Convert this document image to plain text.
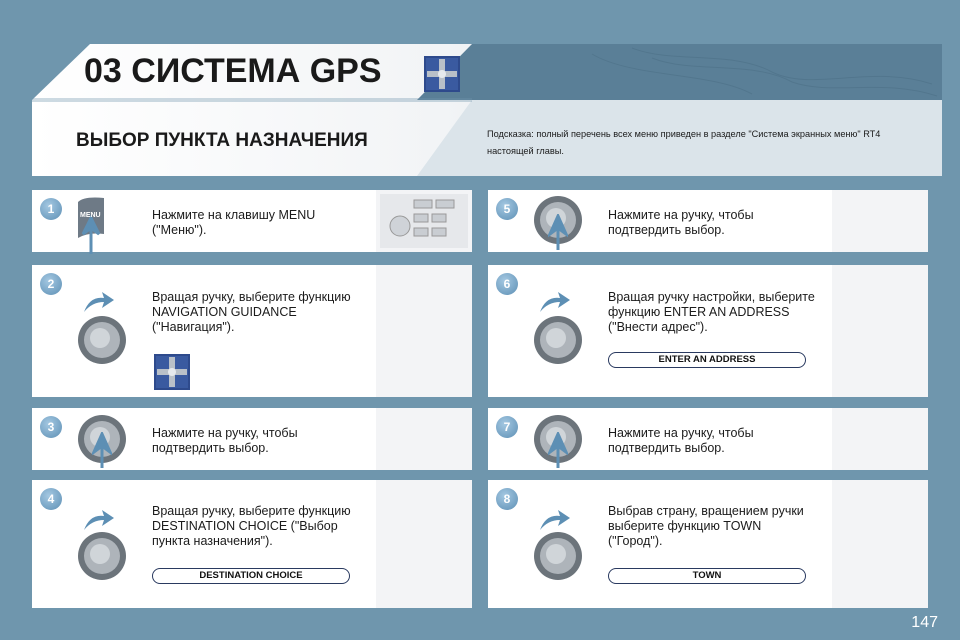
03 СИСТЕМА GPS
ВЫБОР ПУНКТА НАЗНАЧЕНИЯ	Подсказка: полный перечень всех меню приведен в разделе "Система экранных меню" RT4 настоящей главы.
1	MENU	Нажмите на клавишу MENU ("Меню").
2
Вращая ручку, выберите функцию NAVIGATION GUIDANCE ("Навигация").
3	Нажмите на ручку, чтобы подтвердить выбор.
4
Вращая ручку, выберите функцию DESTINATION CHOICE ("Выбор пункта назначения").
DESTINATION CHOICE
5	Нажмите на ручку, чтобы подтвердить выбор.
6
Вращая ручку настройки, выберите функцию ENTER AN ADDRESS ("Внести адрес").
ENTER AN ADDRESS
7	Нажмите на ручку, чтобы подтвердить выбор.
8
Выбрав страну, вращением ручки выберите функцию TOWN ("Город").
TOWN
147
